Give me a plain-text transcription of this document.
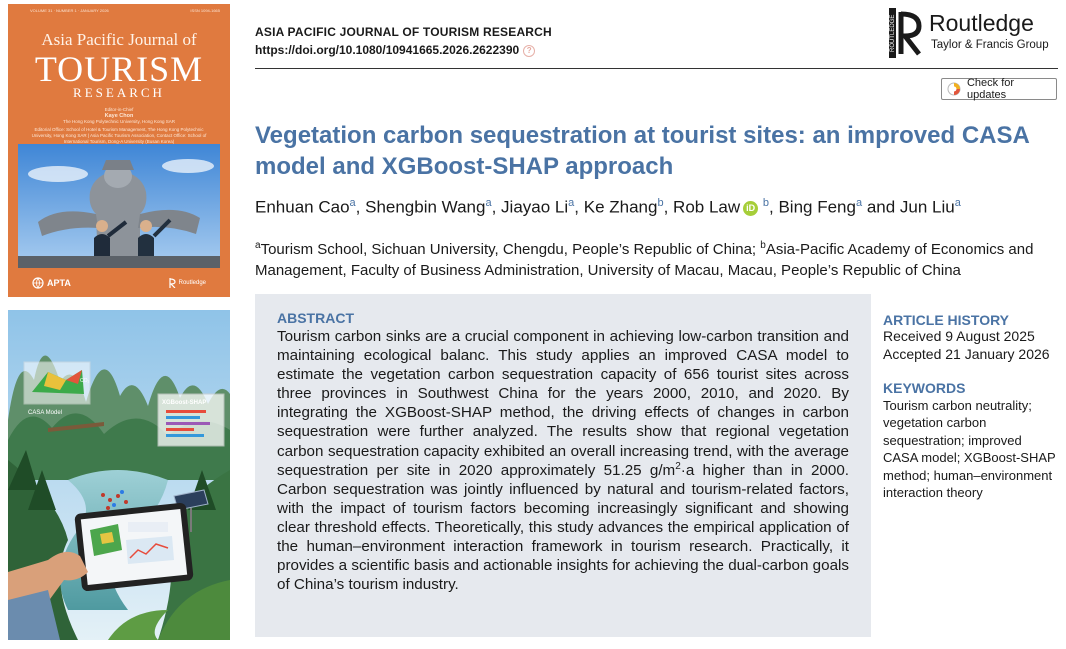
VOLUME 31 · NUMBER 1 · JANUARY 2026	ISSN 1094-1665
Asia Pacific Journal of
TOURISM
RESEARCH
Editor-in-Chief
Kaye Chon
The Hong Kong Polytechnic University, Hong Kong SAR
Editorial Office: School of Hotel & Tourism Management, The Hong Kong Polytechnic University, Hong Kong SAR | Asia Pacific Tourism Association, Contact Office: School of International Tourism, Dong-A University (Busan Korea)
APTA	Routledge
CASA Model
CO₂
XGBoost-SHAP
ASIA PACIFIC JOURNAL OF TOURISM RESEARCH
https://doi.org/10.1080/10941665.2026.2622390 ?	ROUTLEDGE Routledge
Taylor & Francis Group
Check for updates
Vegetation carbon sequestration at tourist sites: an improved CASA model and XGBoost-SHAP approach
Enhuan Cao$^a$, Shengbin Wang$^a$, Jiayao Li$^a$, Ke Zhang$^b$, Rob Law iD $^b$, Bing Feng$^a$ and Jun Liu$^a$
$^a$Tourism School, Sichuan University, Chengdu, People’s Republic of China; $^b$Asia-Pacific Academy of Economics and Management, Faculty of Business Administration, University of Macau, Macau, People’s Republic of China
ABSTRACT
Tourism carbon sinks are a crucial component in achieving low-carbon transition and maintaining ecological balanc. This study applies an improved CASA model to estimate the vegetation carbon sequestration capacity of 656 tourist sites across three provinces in Southwest China for the years 2000, 2010, and 2020. By integrating the XGBoost-SHAP method, the driving effects of changes in carbon sequestration were further analyzed. The results show that regional vegetation carbon sequestration capacity exhibited an overall increasing trend, with the average sequestration per site in 2020 approximately 51.25 $g/m^2\cdot a$ higher than in 2000. Carbon sequestration was jointly influenced by natural and tourism-related factors, with the impact of tourism factors becoming increasingly significant and showing clear threshold effects. Theoretically, this study advances the empirical application of the human–environment interaction framework in tourism research. Practically, it provides a scientific basis and actionable insights for achieving the dual-carbon goals of China’s tourism industry.
ARTICLE HISTORY
Received 9 August 2025
Accepted 21 January 2026
KEYWORDS
Tourism carbon neutrality; vegetation carbon sequestration; improved CASA model; XGBoost-SHAP method; human–environment interaction theory
